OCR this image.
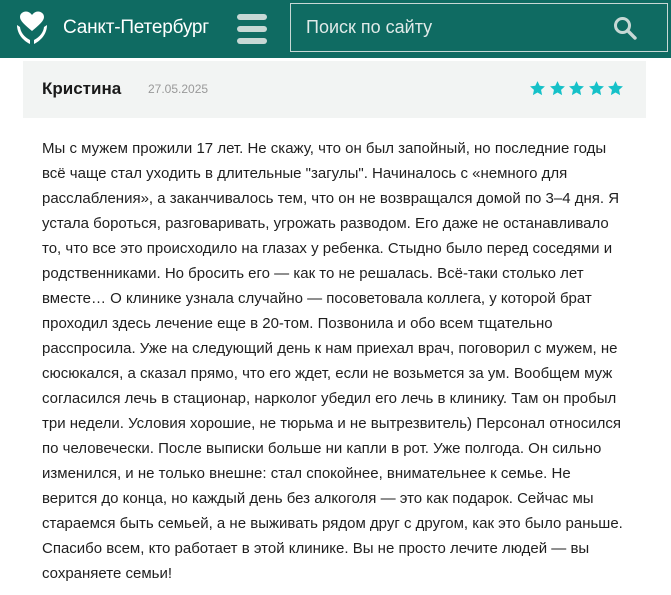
Санкт-Петербург
Поиск по сайту
Кристина 27.05.2025

Мы с мужем прожили 17 лет. Не скажу, что он был запойный, но последние годы

всё чаще стал уходить в длительные "загулы". Начиналось с «немного для

расслабления», а заканчивалось тем, что он не возвращался домой по 3–4 дня. Я

устала бороться, разговаривать, угрожать разводом. Его даже не останавливало

то, что все это происходило на глазах у ребенка. Стыдно было перед соседями и

родственниками. Но бросить его — как то не решалась. Всё-таки столько лет

вместе… О клинике узнала случайно — посоветовала коллега, у которой брат

проходил здесь лечение еще в 20-том. Позвонила и обо всем тщательно

расспросила. Уже на следующий день к нам приехал врач, поговорил с мужем, не

сюсюкался, а сказал прямо, что его ждет, если не возьмется за ум. Вообщем муж

согласился лечь в стационар, нарколог убедил его лечь в клинику. Там он пробыл

три недели. Условия хорошие, не тюрьма и не вытрезвитель) Персонал относился

по человечески. После выписки больше ни капли в рот. Уже полгода. Он сильно

изменился, и не только внешне: стал спокойнее, внимательнее к семье. Не

верится до конца, но каждый день без алкоголя — это как подарок. Сейчас мы

стараемся быть семьей, а не выживать рядом друг с другом, как это было раньше.

Спасибо всем, кто работает в этой клинике. Вы не просто лечите людей — вы

сохраняете семьи!
